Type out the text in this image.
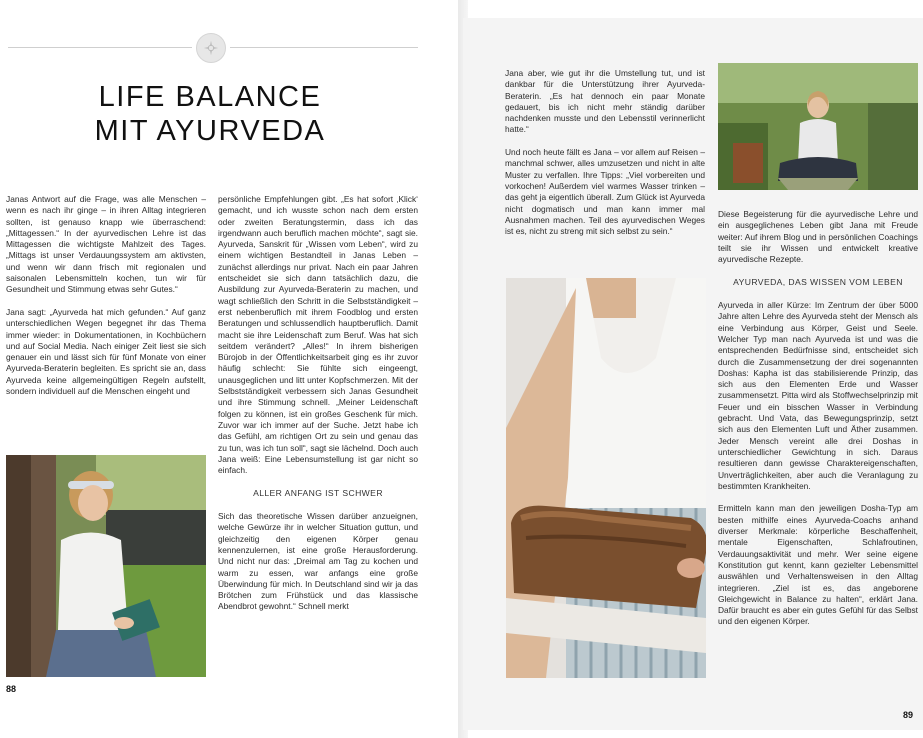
LIFE BALANCE
MIT AYURVEDA

Janas Antwort auf die Frage, was alle Menschen – wenn es nach ihr ginge – in ihren Alltag integrieren sollten, ist genauso knapp wie überraschend: „Mittagessen.“ In der ayurvedischen Lehre ist das Mittagessen die wichtigste Mahlzeit des Tages. „Mittags ist unser Verdauungssystem am aktivsten, und wenn wir dann frisch mit regionalen und saisonalen Lebensmitteln kochen, tun wir für Gesundheit und Stimmung etwas sehr Gutes.“

Jana sagt: „Ayurveda hat mich gefunden.“ Auf ganz unterschiedlichen Wegen begegnet ihr das Thema immer wieder: in Dokumentationen, in Kochbüchern und auf Social Media. Nach einiger Zeit liest sie sich genauer ein und lässt sich für fünf Monate von einer Ayurveda-Beraterin begleiten. Es spricht sie an, dass Ayurveda keine allgemeingültigen Regeln aufstellt, sondern individuell auf die Menschen eingeht und

persönliche Empfehlungen gibt. „Es hat sofort ‚Klick‘ gemacht, und ich wusste schon nach dem ersten oder zweiten Beratungstermin, dass ich das irgendwann auch beruflich machen möchte“, sagt sie. Ayurveda, Sanskrit für „Wissen vom Leben“, wird zu einem wichtigen Bestandteil in Janas Leben – zunächst allerdings nur privat. Nach ein paar Jahren entscheidet sie sich dann tatsächlich dazu, die Ausbildung zur Ayurveda-Beraterin zu machen, und wagt schließlich den Schritt in die Selbstständigkeit – erst nebenberuflich mit ihrem Foodblog und ersten Beratungen und schlussendlich hauptberuflich. Damit macht sie ihre Leidenschaft zum Beruf. Was hat sich seitdem verändert? „Alles!“ In ihrem bisherigen Bürojob in der Öffentlichkeitsarbeit ging es ihr zuvor häufig schlecht: Sie fühlte sich eingeengt, unausgeglichen und litt unter Kopfschmerzen. Mit der Selbstständigkeit verbessern sich Janas Gesundheit und ihre Stimmung schnell. „Meiner Leidenschaft folgen zu können, ist ein großes Geschenk für mich. Zuvor war ich immer auf der Suche. Jetzt habe ich das Gefühl, am richtigen Ort zu sein und genau das zu tun, was ich tun soll“, sagt sie lächelnd. Doch auch Jana weiß: Eine Lebensumstellung ist gar nicht so einfach.

ALLER ANFANG IST SCHWER

Sich das theoretische Wissen darüber anzueignen, welche Gewürze ihr in welcher Situation guttun, und gleichzeitig den eigenen Körper genau kennenzulernen, ist eine große Herausforderung. Und nicht nur das: „Dreimal am Tag zu kochen und warm zu essen, war anfangs eine große Überwindung für mich. In Deutschland sind wir ja das Brötchen zum Frühstück und das klassische Abendbrot gewohnt.“ Schnell merkt

88

Jana aber, wie gut ihr die Umstellung tut, und ist dankbar für die Unterstützung ihrer Ayurveda-Beraterin. „Es hat dennoch ein paar Monate gedauert, bis ich nicht mehr ständig darüber nachdenken musste und den Lebensstil verinnerlicht hatte.“

Und noch heute fällt es Jana – vor allem auf Reisen – manchmal schwer, alles umzusetzen und nicht in alte Muster zu verfallen. Ihre Tipps: „Viel vorbereiten und vorkochen! Außerdem viel warmes Wasser trinken – das geht ja eigentlich überall. Zum Glück ist Ayurveda nicht dogmatisch und man kann immer mal Ausnahmen machen. Teil des ayurvedischen Weges ist es, nicht zu streng mit sich selbst zu sein.“

Diese Begeisterung für die ayurvedische Lehre und ein ausgeglichenes Leben gibt Jana mit Freude weiter: Auf ihrem Blog und in persönlichen Coachings teilt sie ihr Wissen und entwickelt kreative ayurvedische Rezepte.

AYURVEDA, DAS WISSEN VOM LEBEN

Ayurveda in aller Kürze: Im Zentrum der über 5000 Jahre alten Lehre des Ayurveda steht der Mensch als eine Verbindung aus Körper, Geist und Seele. Welcher Typ man nach Ayurveda ist und was die entsprechenden Bedürfnisse sind, entscheidet sich durch die Zusammensetzung der drei sogenannten Doshas: Kapha ist das stabilisierende Prinzip, das sich aus den Elementen Erde und Wasser zusammensetzt. Pitta wird als Stoffwechselprinzip mit Feuer und ein bisschen Wasser in Verbindung gebracht. Und Vata, das Bewegungsprinzip, setzt sich aus den Elementen Luft und Äther zusammen. Jeder Mensch vereint alle drei Doshas in unterschiedlicher Gewichtung in sich. Daraus resultieren dann gewisse Charaktereigenschaften, Unverträglichkeiten, aber auch die Veranlagung zu bestimmten Krankheiten.

Ermitteln kann man den jeweiligen Dosha-Typ am besten mithilfe eines Ayurveda-Coachs anhand diverser Merkmale: körperliche Beschaffenheit, mentale Eigenschaften, Schlafroutinen, Verdauungsaktivität und mehr. Wer seine eigene Konstitution gut kennt, kann gezielter Lebensmittel auswählen und Verhaltensweisen in den Alltag integrieren. „Ziel ist es, das angeborene Gleichgewicht in Balance zu halten“, erklärt Jana. Dafür braucht es aber ein gutes Gefühl für das Selbst und den eigenen Körper.

89
